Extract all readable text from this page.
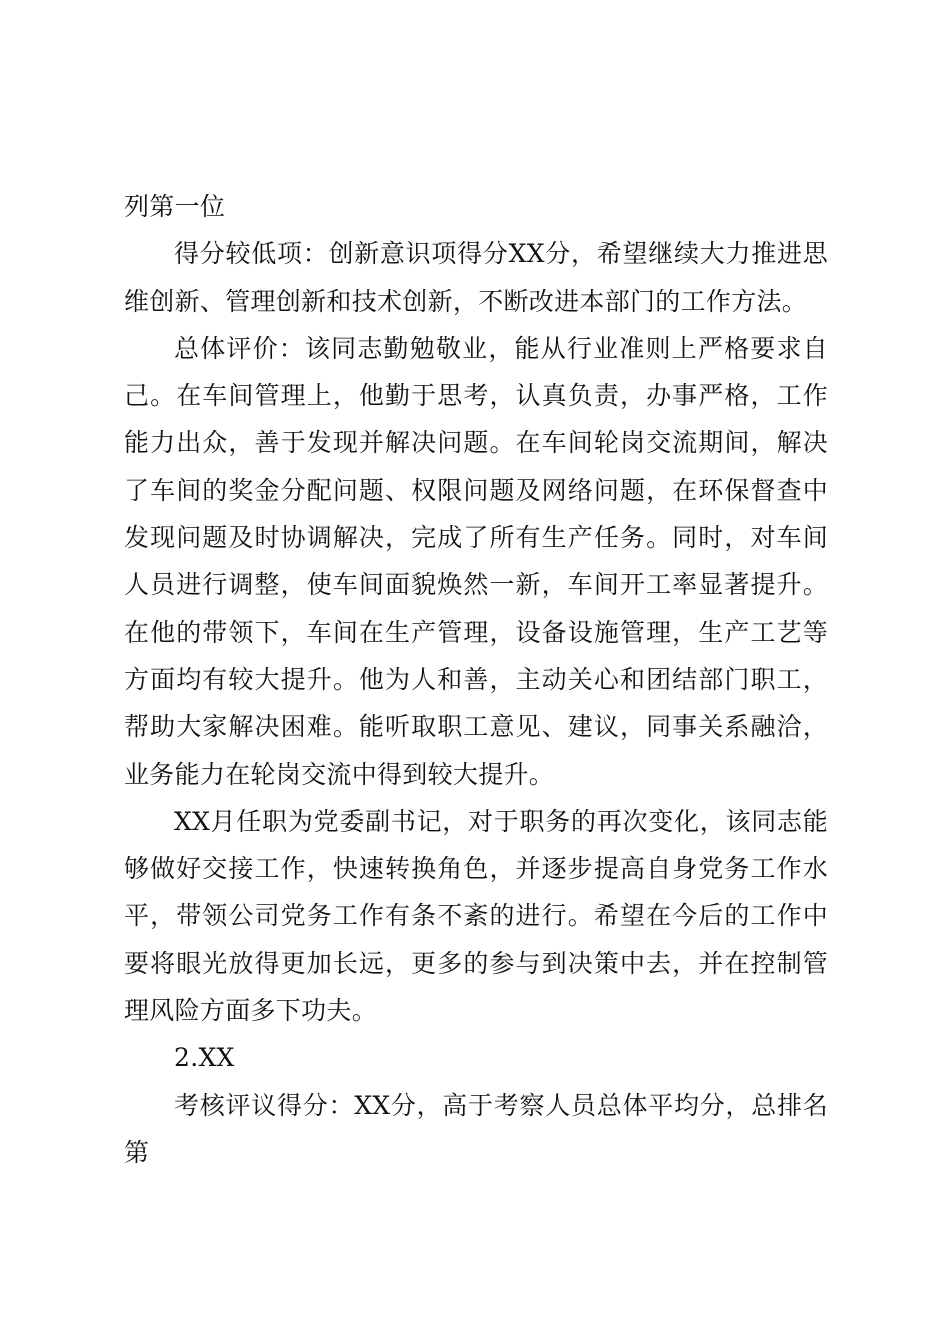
列第一位

得分较低项：创新意识项得分XX分，希望继续大力推进思维创新、管理创新和技术创新，不断改进本部门的工作方法。

总体评价：该同志勤勉敬业，能从行业准则上严格要求自己。在车间管理上，他勤于思考，认真负责，办事严格，工作能力出众，善于发现并解决问题。在车间轮岗交流期间，解决了车间的奖金分配问题、权限问题及网络问题，在环保督查中发现问题及时协调解决，完成了所有生产任务。同时，对车间人员进行调整，使车间面貌焕然一新，车间开工率显著提升。在他的带领下，车间在生产管理，设备设施管理，生产工艺等方面均有较大提升。他为人和善，主动关心和团结部门职工，帮助大家解决困难。能听取职工意见、建议，同事关系融洽，业务能力在轮岗交流中得到较大提升。

XX月任职为党委副书记，对于职务的再次变化，该同志能够做好交接工作，快速转换角色，并逐步提高自身党务工作水平，带领公司党务工作有条不紊的进行。希望在今后的工作中要将眼光放得更加长远，更多的参与到决策中去，并在控制管理风险方面多下功夫。

2.XX

考核评议得分：XX分，高于考察人员总体平均分，总排名第
